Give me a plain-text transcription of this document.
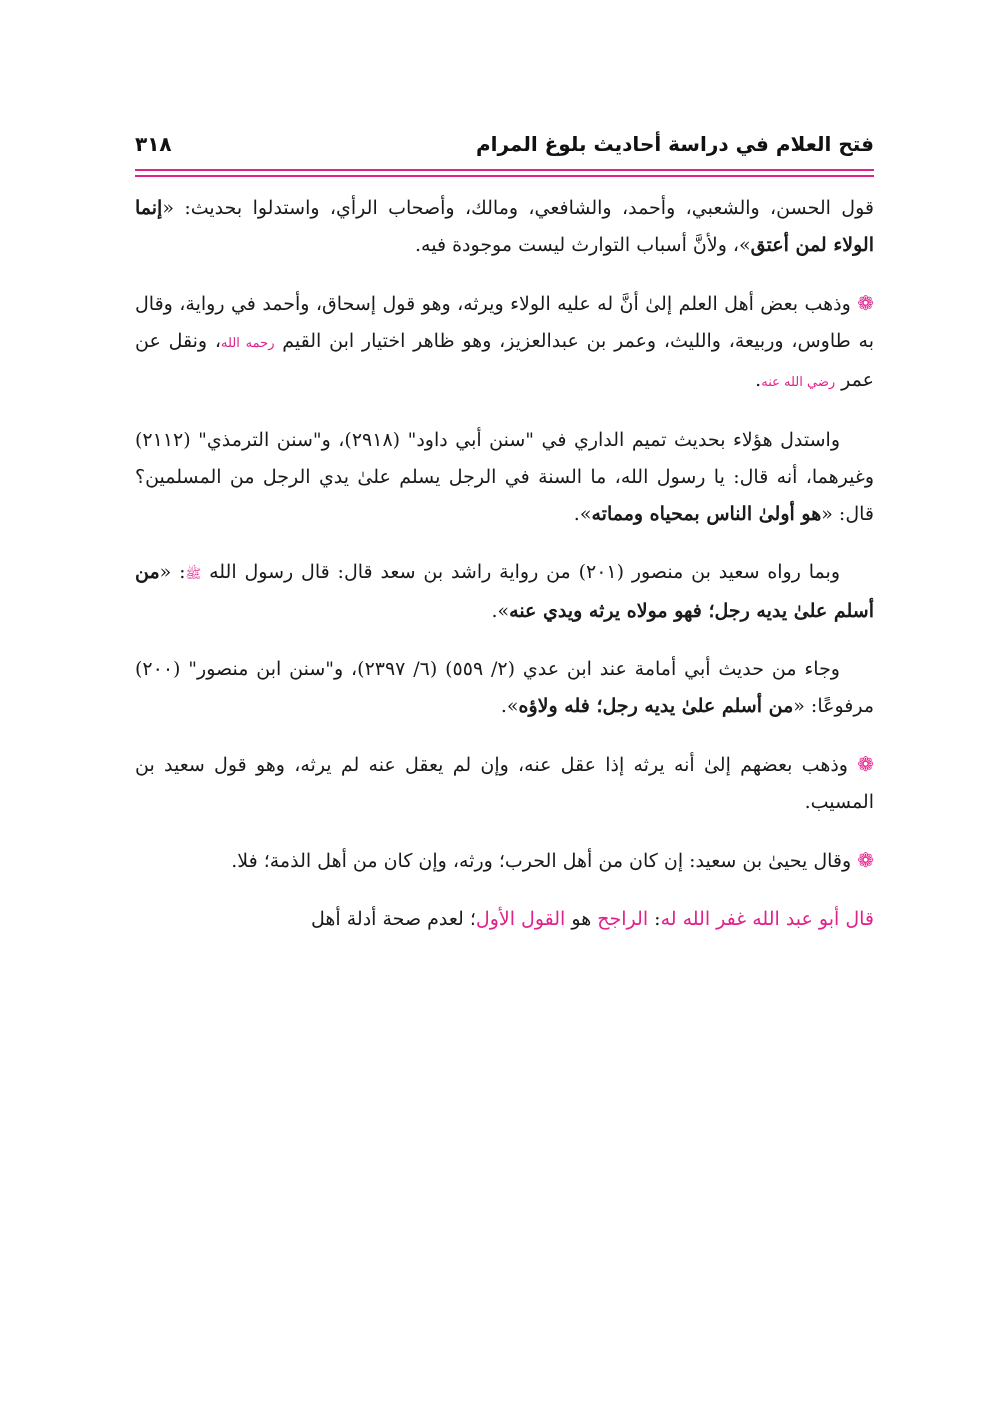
فتح العلام في دراسة أحاديث بلوغ المرام
٣١٨

قول الحسن، والشعبي، وأحمد، والشافعي، ومالك، وأصحاب الرأي، واستدلوا بحديث: «إنما الولاء لمن أعتق»، ولأنَّ أسباب التوارث ليست موجودة فيه.

❁ وذهب بعض أهل العلم إلىٰ أنَّ له عليه الولاء ويرثه، وهو قول إسحاق، وأحمد في رواية، وقال به طاوس، وربيعة، والليث، وعمر بن عبدالعزيز، وهو ظاهر اختيار ابن القيم رحمه الله، ونقل عن عمر رضي الله عنه.

واستدل هؤلاء بحديث تميم الداري في "سنن أبي داود" (٢٩١٨)، و"سنن الترمذي" (٢١١٢) وغيرهما، أنه قال: يا رسول الله، ما السنة في الرجل يسلم علىٰ يدي الرجل من المسلمين؟ قال: «هو أولىٰ الناس بمحياه ومماته».

وبما رواه سعيد بن منصور (٢٠١) من رواية راشد بن سعد قال: قال رسول الله ﷺ: «من أسلم علىٰ يديه رجل؛ فهو مولاه يرثه ويدي عنه».

وجاء من حديث أبي أمامة عند ابن عدي (٢/ ٥٥٩) (٦/ ٢٣٩٧)، و"سنن ابن منصور" (٢٠٠) مرفوعًا: «من أسلم علىٰ يديه رجل؛ فله ولاؤه».

❁ وذهب بعضهم إلىٰ أنه يرثه إذا عقل عنه، وإن لم يعقل عنه لم يرثه، وهو قول سعيد بن المسيب.

❁ وقال يحيىٰ بن سعيد: إن كان من أهل الحرب؛ ورثه، وإن كان من أهل الذمة؛ فلا.

قال أبو عبد الله غفر الله له: الراجح هو القول الأول؛ لعدم صحة أدلة أهل
